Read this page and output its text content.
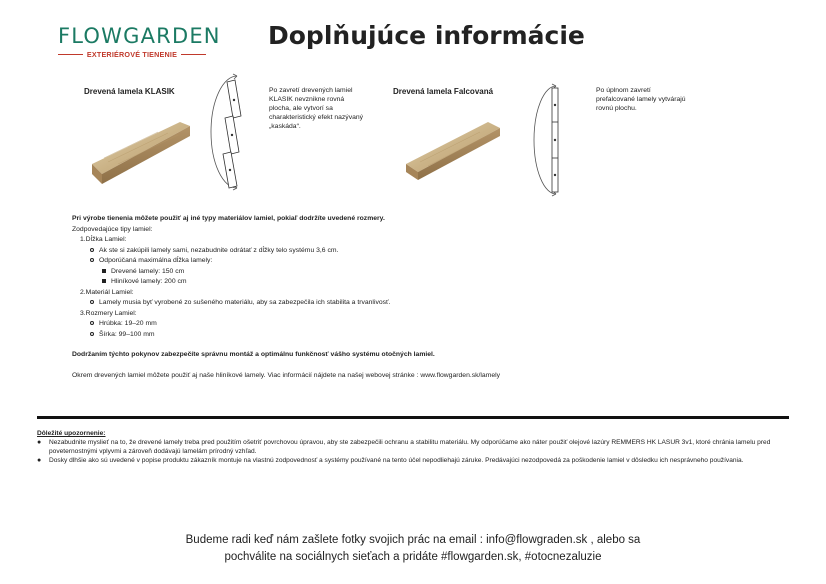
FLOWGARDEN
EXTERIÉROVÉ TIENENIE
Doplňujúce informácie
Drevená lamela KLASIK	Po zavretí drevených lamiel KLASIK nevznikne rovná plocha, ale vytvorí sa charakteristický efekt nazývaný „kaskáda“.
Drevená lamela Falcovaná	Po úplnom zavretí prefalcované lamely vytvárajú rovnú plochu.
Pri výrobe tienenia môžete použiť aj iné typy materiálov lamiel, pokiaľ dodržíte uvedené rozmery.
Zodpovedajúce tipy lamiel:
1.Dĺžka Lamiel:
Ak ste si zakúpili lamely sami, nezabudnite odrátať z dĺžky telo systému 3,6 cm.
Odporúčaná maximálna dĺžka lamely:
Drevené lamely: 150 cm
Hliníkové lamely: 200 cm
2.Materiál Lamiel:
Lamely musia byť vyrobené zo sušeného materiálu, aby sa zabezpečila ich stabilita a trvanlivosť.
3.Rozmery Lamiel:
Hrúbka: 19–20 mm
Šírka: 99–100 mm
Dodržaním týchto pokynov zabezpečíte správnu montáž a optimálnu funkčnosť vášho systému otočných lamiel.
Okrem drevených lamiel môžete použiť aj naše hliníkové lamely. Viac informácií nájdete na našej webovej stránke : www.flowgarden.sk/lamely
Dôležité upozornenie:
●	Nezabudnite myslieť na to, že drevené lamely treba pred použitím ošetriť povrchovou úpravou, aby ste zabezpečili ochranu a stabilitu materiálu. My odporúčame ako náter použiť olejové lazúry REMMERS HK LASUR 3v1, ktoré chránia lamelu pred poveternostnými vplyvmi a zároveň dodávajú lamelám prírodný vzhľad.
●	Dosky dlhšie ako sú uvedené v popise produktu zákazník montuje na vlastnú zodpovednosť a systémy používané na tento účel nepodliehajú záruke. Predávajúci nezodpovedá za poškodenie lamiel v dôsledku ich nesprávneho používania.
Budeme radi keď nám zašlete fotky svojich prác na email : info@flowgraden.sk , alebo sa
pochválite na sociálnych sieťach a pridáte #flowgarden.sk, #otocnezaluzie
